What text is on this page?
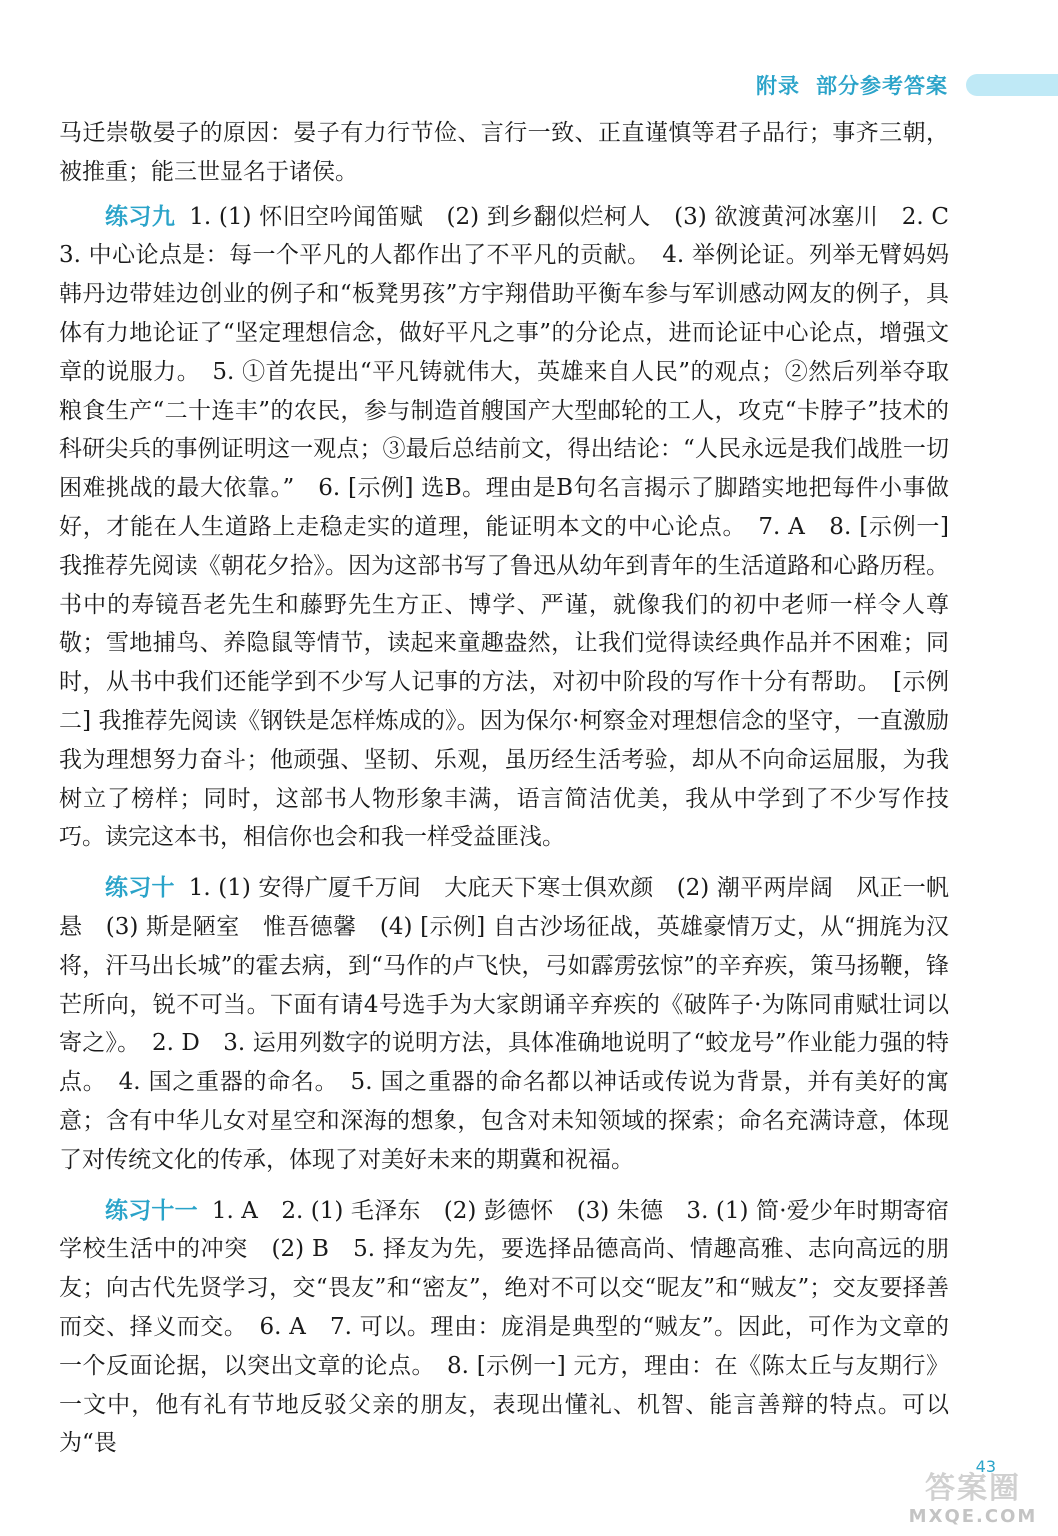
附录 部分参考答案

马迁崇敬晏子的原因：晏子有力行节俭、言行一致、正直谨慎等君子品行；事齐三朝，被推重；能三世显名于诸侯。

练习九 1. (1) 怀旧空吟闻笛赋　(2) 到乡翻似烂柯人　(3) 欲渡黄河冰塞川　2. C　3. 中心论点是：每一个平凡的人都作出了不平凡的贡献。　4. 举例论证。列举无臂妈妈韩丹边带娃边创业的例子和“板凳男孩”方宇翔借助平衡车参与军训感动网友的例子，具体有力地论证了“坚定理想信念，做好平凡之事”的分论点，进而论证中心论点，增强文章的说服力。　5. ①首先提出“平凡铸就伟大，英雄来自人民”的观点；②然后列举夺取粮食生产“二十连丰”的农民，参与制造首艘国产大型邮轮的工人，攻克“卡脖子”技术的科研尖兵的事例证明这一观点；③最后总结前文，得出结论：“人民永远是我们战胜一切困难挑战的最大依靠。”　6. [示例] 选B。理由是B句名言揭示了脚踏实地把每件小事做好，才能在人生道路上走稳走实的道理，能证明本文的中心论点。　7. A　8. [示例一] 我推荐先阅读《朝花夕拾》。因为这部书写了鲁迅从幼年到青年的生活道路和心路历程。书中的寿镜吾老先生和藤野先生方正、博学、严谨，就像我们的初中老师一样令人尊敬；雪地捕鸟、养隐鼠等情节，读起来童趣盎然，让我们觉得读经典作品并不困难；同时，从书中我们还能学到不少写人记事的方法，对初中阶段的写作十分有帮助。　[示例二] 我推荐先阅读《钢铁是怎样炼成的》。因为保尔·柯察金对理想信念的坚守，一直激励我为理想努力奋斗；他顽强、坚韧、乐观，虽历经生活考验，却从不向命运屈服，为我树立了榜样；同时，这部书人物形象丰满，语言简洁优美，我从中学到了不少写作技巧。读完这本书，相信你也会和我一样受益匪浅。

练习十 1. (1) 安得广厦千万间　大庇天下寒士俱欢颜　(2) 潮平两岸阔　风正一帆悬　(3) 斯是陋室　惟吾德馨　(4) [示例] 自古沙场征战，英雄豪情万丈，从“拥旄为汉将，汗马出长城”的霍去病，到“马作的卢飞快，弓如霹雳弦惊”的辛弃疾，策马扬鞭，锋芒所向，锐不可当。下面有请4号选手为大家朗诵辛弃疾的《破阵子·为陈同甫赋壮词以寄之》。　2. D　3. 运用列数字的说明方法，具体准确地说明了“蛟龙号”作业能力强的特点。　4. 国之重器的命名。　5. 国之重器的命名都以神话或传说为背景，并有美好的寓意；含有中华儿女对星空和深海的想象，包含对未知领域的探索；命名充满诗意，体现了对传统文化的传承，体现了对美好未来的期冀和祝福。

练习十一 1. A　2. (1) 毛泽东　(2) 彭德怀　(3) 朱德　3. (1) 简·爱少年时期寄宿学校生活中的冲突　(2) B　5. 择友为先，要选择品德高尚、情趣高雅、志向高远的朋友；向古代先贤学习，交“畏友”和“密友”，绝对不可以交“昵友”和“贼友”；交友要择善而交、择义而交。　6. A　7. 可以。理由：庞涓是典型的“贼友”。因此，可作为文章的一个反面论据，以突出文章的论点。　8. [示例一] 元方，理由：在《陈太丘与友期行》一文中，他有礼有节地反驳父亲的朋友，表现出懂礼、机智、能言善辩的特点。可以为“畏

43
答案圈
MXQE.COM
